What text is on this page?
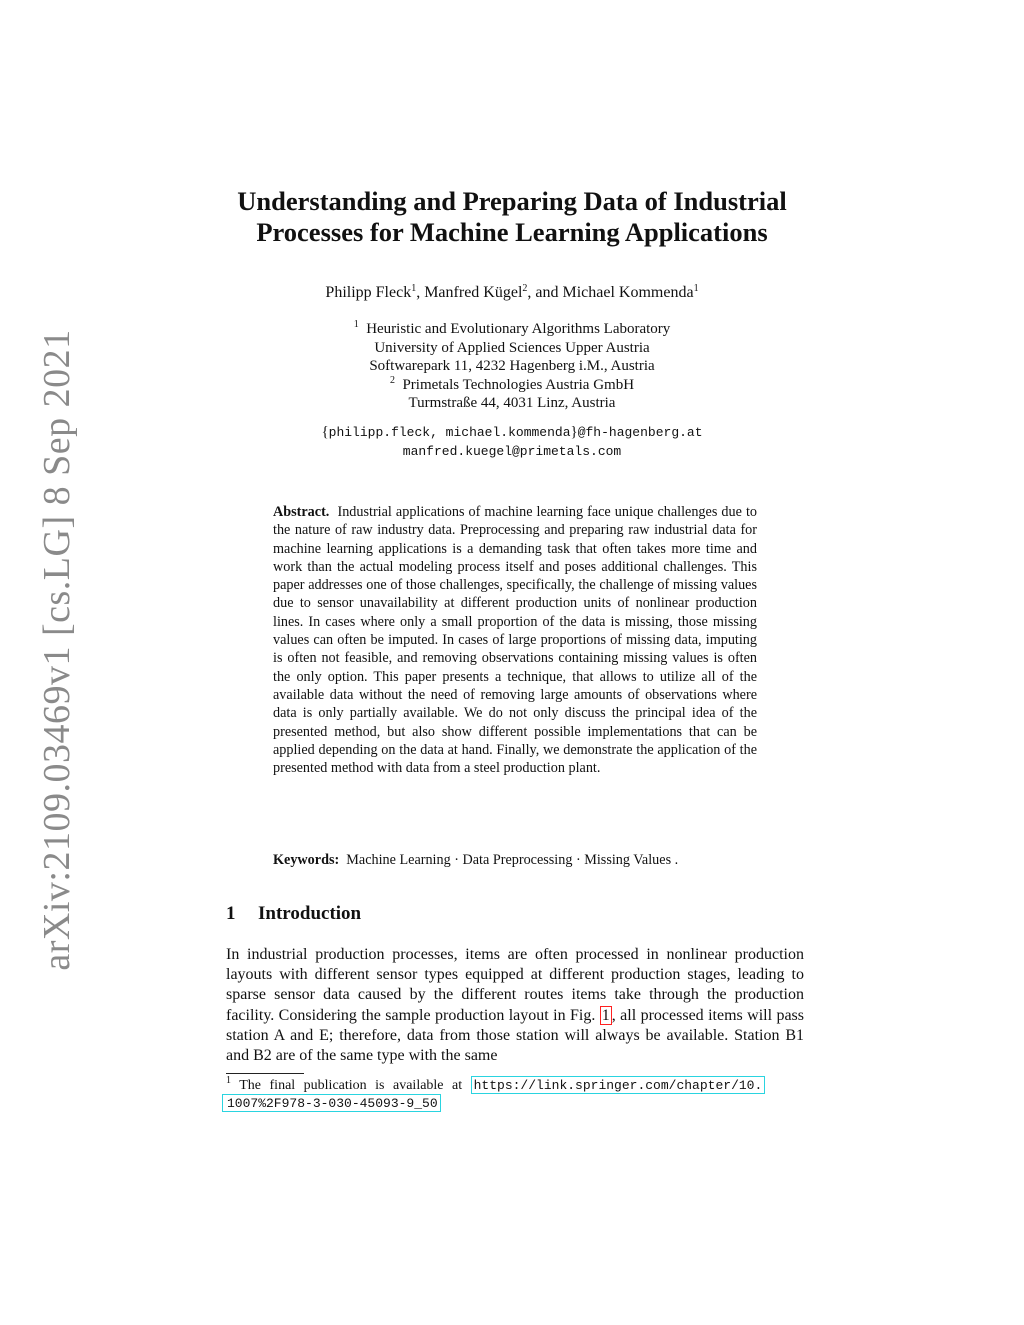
arXiv:2109.03469v1 [cs.LG] 8 Sep 2021
Understanding and Preparing Data of Industrial
Processes for Machine Learning Applications
Philipp Fleck$^1$, Manfred Kügel$^2$, and Michael Kommenda$^1$
$^1$ Heuristic and Evolutionary Algorithms Laboratory
University of Applied Sciences Upper Austria
Softwarepark 11, 4232 Hagenberg i.M., Austria
$^2$ Primetals Technologies Austria GmbH
Turmstraße 44, 4031 Linz, Austria
{philipp.fleck, michael.kommenda}@fh-hagenberg.at
manfred.kuegel@primetals.com
Abstract. Industrial applications of machine learning face unique challenges due to the nature of raw industry data. Preprocessing and preparing raw industrial data for machine learning applications is a demanding task that often takes more time and work than the actual modeling process itself and poses additional challenges. This paper addresses one of those challenges, specifically, the challenge of missing values due to sensor unavailability at different production units of nonlinear production lines. In cases where only a small proportion of the data is missing, those missing values can often be imputed. In cases of large proportions of missing data, imputing is often not feasible, and removing observations containing missing values is often the only option. This paper presents a technique, that allows to utilize all of the available data without the need of removing large amounts of observations where data is only partially available. We do not only discuss the principal idea of the presented method, but also show different possible implementations that can be applied depending on the data at hand. Finally, we demonstrate the application of the presented method with data from a steel production plant.
Keywords: Machine Learning · Data Preprocessing · Missing Values .
1 Introduction
In industrial production processes, items are often processed in nonlinear production layouts with different sensor types equipped at different production stages, leading to sparse sensor data caused by the different routes items take through the production facility. Considering the sample production layout in Fig. 1 , all processed items will pass station A and E; therefore, data from those station will always be available. Station B1 and B2 are of the same type with the same
$^1$ The final publication is available at https://link.springer.com/chapter/10.
1007%2F978-3-030-45093-9_50
